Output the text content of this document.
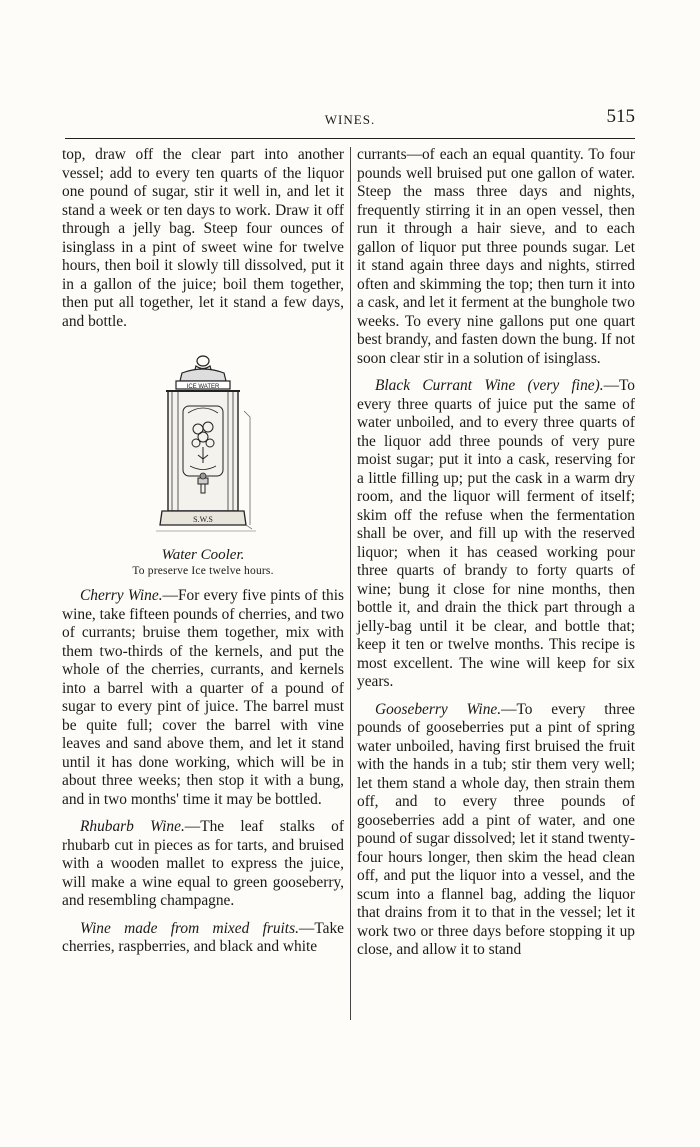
WINES.	515

top, draw off the clear part into another vessel; add to every ten quarts of the liquor one pound of sugar, stir it well in, and let it stand a week or ten days to work. Draw it off through a jelly bag. Steep four ounces of isinglass in a pint of sweet wine for twelve hours, then boil it slowly till dissolved, put it in a gallon of the juice; boil them together, then put all together, let it stand a few days, and bottle.

ICE WATER
S.W.S
Water Cooler.
To preserve Ice twelve hours.

Cherry Wine.—For every five pints of this wine, take fifteen pounds of cherries, and two of currants; bruise them together, mix with them two-thirds of the kernels, and put the whole of the cherries, currants, and kernels into a barrel with a quarter of a pound of sugar to every pint of juice. The barrel must be quite full; cover the barrel with vine leaves and sand above them, and let it stand until it has done working, which will be in about three weeks; then stop it with a bung, and in two months' time it may be bottled.

Rhubarb Wine.—The leaf stalks of rhubarb cut in pieces as for tarts, and bruised with a wooden mallet to express the juice, will make a wine equal to green gooseberry, and resembling champagne.

Wine made from mixed fruits.—Take cherries, raspberries, and black and white

currants—of each an equal quantity. To four pounds well bruised put one gallon of water. Steep the mass three days and nights, frequently stirring it in an open vessel, then run it through a hair sieve, and to each gallon of liquor put three pounds sugar. Let it stand again three days and nights, stirred often and skimming the top; then turn it into a cask, and let it ferment at the bunghole two weeks. To every nine gallons put one quart best brandy, and fasten down the bung. If not soon clear stir in a solution of isinglass.

Black Currant Wine (very fine).—To every three quarts of juice put the same of water unboiled, and to every three quarts of the liquor add three pounds of very pure moist sugar; put it into a cask, reserving for a little filling up; put the cask in a warm dry room, and the liquor will ferment of itself; skim off the refuse when the fermentation shall be over, and fill up with the reserved liquor; when it has ceased working pour three quarts of brandy to forty quarts of wine; bung it close for nine months, then bottle it, and drain the thick part through a jelly-bag until it be clear, and bottle that; keep it ten or twelve months. This recipe is most excellent. The wine will keep for six years.

Gooseberry Wine.—To every three pounds of gooseberries put a pint of spring water unboiled, having first bruised the fruit with the hands in a tub; stir them very well; let them stand a whole day, then strain them off, and to every three pounds of gooseberries add a pint of water, and one pound of sugar dissolved; let it stand twenty-four hours longer, then skim the head clean off, and put the liquor into a vessel, and the scum into a flannel bag, adding the liquor that drains from it to that in the vessel; let it work two or three days before stopping it up close, and allow it to stand
